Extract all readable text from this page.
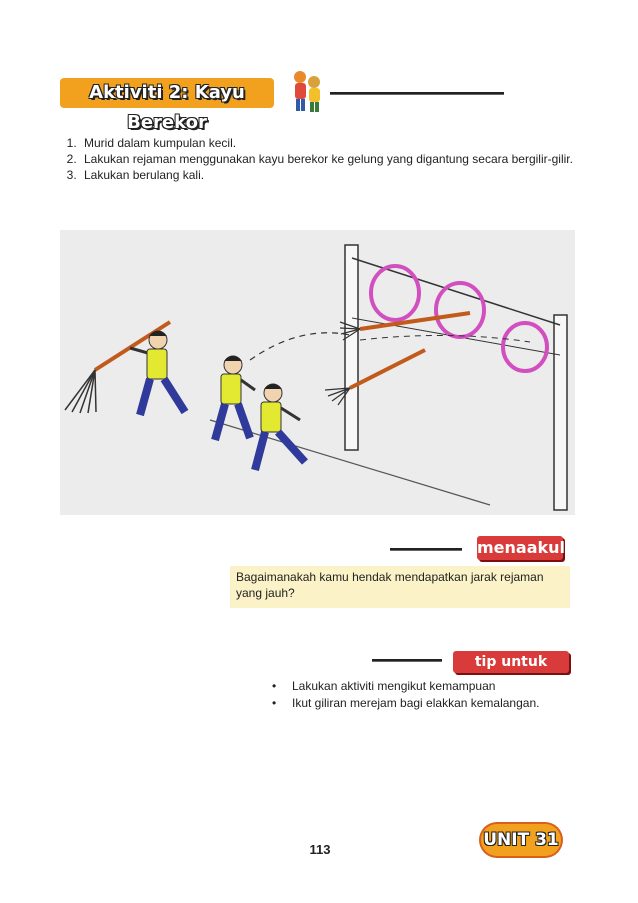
Aktiviti 2: Kayu Berekor
1. Murid dalam kumpulan kecil.
2. Lakukan rejaman menggunakan kayu berekor ke gelung yang digantung secara bergilir-gilir.
3. Lakukan berulang kali.
menaakul
Bagaimanakah kamu hendak mendapatkan jarak rejaman yang jauh?
tip untuk murid
• Lakukan aktiviti mengikut kemampuan
• Ikut giliran merejam bagi elakkan kemalangan.
113	UNIT 31
